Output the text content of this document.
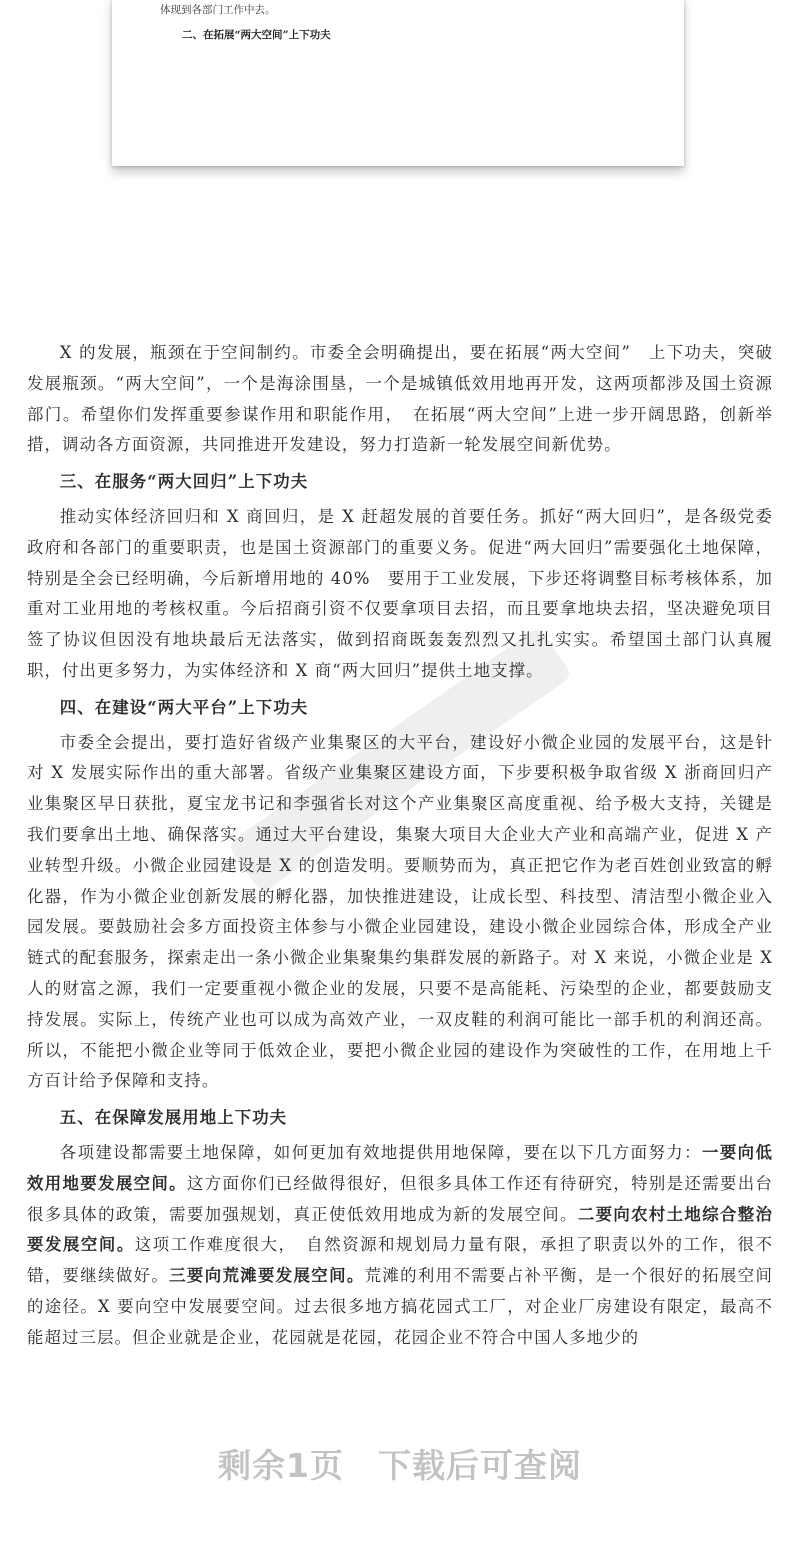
体现到各部门工作中去。
二、在拓展“两大空间”上下功夫

X 的发展，瓶颈在于空间制约。市委全会明确提出，要在拓展“两大空间”　上下功夫，突破发展瓶颈。“两大空间”，一个是海涂围垦，一个是城镇低效用地再开发，这两项都涉及国土资源部门。希望你们发挥重要参谋作用和职能作用，　在拓展“两大空间”上进一步开阔思路，创新举措，调动各方面资源，共同推进开发建设，努力打造新一轮发展空间新优势。

三、在服务“两大回归”上下功夫

推动实体经济回归和 X 商回归，是 X 赶超发展的首要任务。抓好“两大回归”，是各级党委政府和各部门的重要职责，也是国土资源部门的重要义务。促进“两大回归”需要强化土地保障，特别是全会已经明确，今后新增用地的 40%　要用于工业发展，下步还将调整目标考核体系，加重对工业用地的考核权重。今后招商引资不仅要拿项目去招，而且要拿地块去招，坚决避免项目签了协议但因没有地块最后无法落实，做到招商既轰轰烈烈又扎扎实实。希望国土部门认真履职，付出更多努力，为实体经济和 X 商“两大回归”提供土地支撑。

四、在建设“两大平台”上下功夫

市委全会提出，要打造好省级产业集聚区的大平台，建设好小微企业园的发展平台，这是针对 X 发展实际作出的重大部署。省级产业集聚区建设方面，下步要积极争取省级 X 浙商回归产业集聚区早日获批，夏宝龙书记和李强省长对这个产业集聚区高度重视、给予极大支持，关键是我们要拿出土地、确保落实。通过大平台建设，集聚大项目大企业大产业和高端产业，促进 X 产业转型升级。小微企业园建设是 X 的创造发明。要顺势而为，真正把它作为老百姓创业致富的孵化器，作为小微企业创新发展的孵化器，加快推进建设，让成长型、科技型、清洁型小微企业入园发展。要鼓励社会多方面投资主体参与小微企业园建设，建设小微企业园综合体，形成全产业链式的配套服务，探索走出一条小微企业集聚集约集群发展的新路子。对 X 来说，小微企业是 X 人的财富之源，我们一定要重视小微企业的发展，只要不是高能耗、污染型的企业，都要鼓励支持发展。实际上，传统产业也可以成为高效产业，一双皮鞋的利润可能比一部手机的利润还高。所以，不能把小微企业等同于低效企业，要把小微企业园的建设作为突破性的工作，在用地上千方百计给予保障和支持。

五、在保障发展用地上下功夫

各项建设都需要土地保障，如何更加有效地提供用地保障，要在以下几方面努力：一要向低效用地要发展空间。这方面你们已经做得很好，但很多具体工作还有待研究，特别是还需要出台很多具体的政策，需要加强规划，真正使低效用地成为新的发展空间。二要向农村土地综合整治要发展空间。这项工作难度很大，　自然资源和规划局力量有限，承担了职责以外的工作，很不错，要继续做好。三要向荒滩要发展空间。荒滩的利用不需要占补平衡，是一个很好的拓展空间的途径。X 要向空中发展要空间。过去很多地方搞花园式工厂，对企业厂房建设有限定，最高不能超过三层。但企业就是企业，花园就是花园，花园企业不符合中国人多地少的

剩余1页　下载后可查阅
